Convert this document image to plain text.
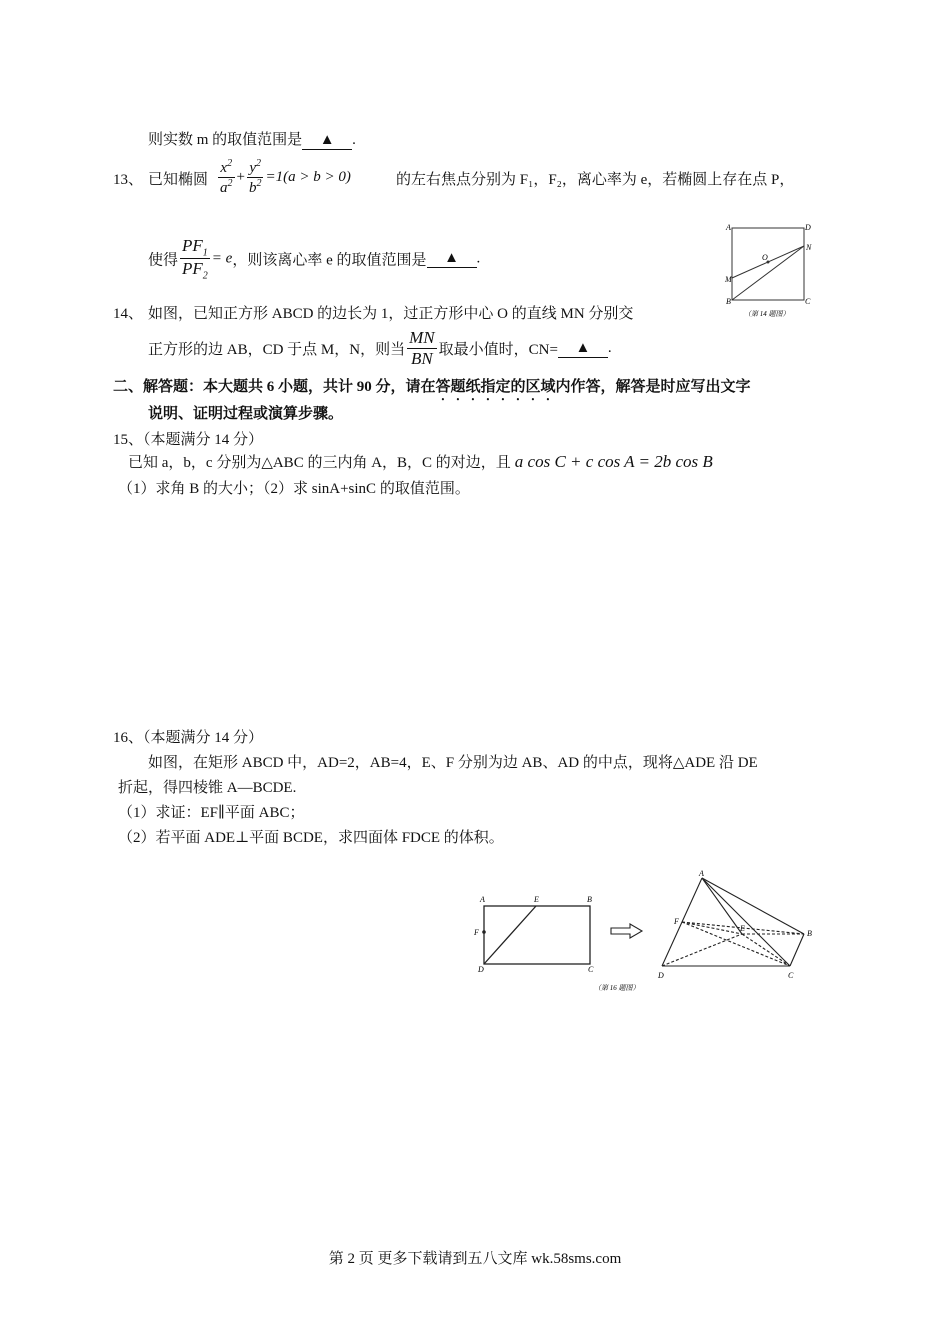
则实数 m 的取值范围是 ▲ .
13、 已知椭圆 $\frac{x^2}{a^2} + \frac{y^2}{b^2} =1(a > b > 0)$	的左右焦点分别为 F₁，F₂，离心率为 e，若椭圆上存在点 P，
使得 $\frac{PF_1}{PF_2} = e$，则该离心率 e 的取值范围是 ▲ .
A	D
B	C
M
N
O
（第 14 题图）
14、 如图，已知正方形 ABCD 的边长为 1，过正方形中心 O 的直线 MN 分别交
正方形的边 AB，CD 于点 M，N，则当 $\frac{MN}{BN}$ 取最小值时，CN= ▲ .
二、解答题：本大题共 6 小题，共计 90 分，请在答题纸指定的区域内作答，解答是时应写出文字
说明、证明过程或演算步骤。
15、（本题满分 14 分）
已知 a，b，c 分别为△ABC 的三内角 A，B，C 的对边，且 a cos C + c cos A = 2b cos B
（1）求角 B 的大小；（2）求 sinA+sinC 的取值范围。
16、（本题满分 14 分）
如图，在矩形 ABCD 中，AD=2，AB=4，E、F 分别为边 AB、AD 的中点，现将△ADE 沿 DE
折起，得四棱锥 A—BCDE.
（1）求证：EF∥平面 ABC；
（2）若平面 ADE⊥平面 BCDE，求四面体 FDCE 的体积。
A	E	B
F
D	C
A
F
E
B
D	C
（第 16 题图）
第 2 页 更多下载请到五八文库 wk.58sms.com
